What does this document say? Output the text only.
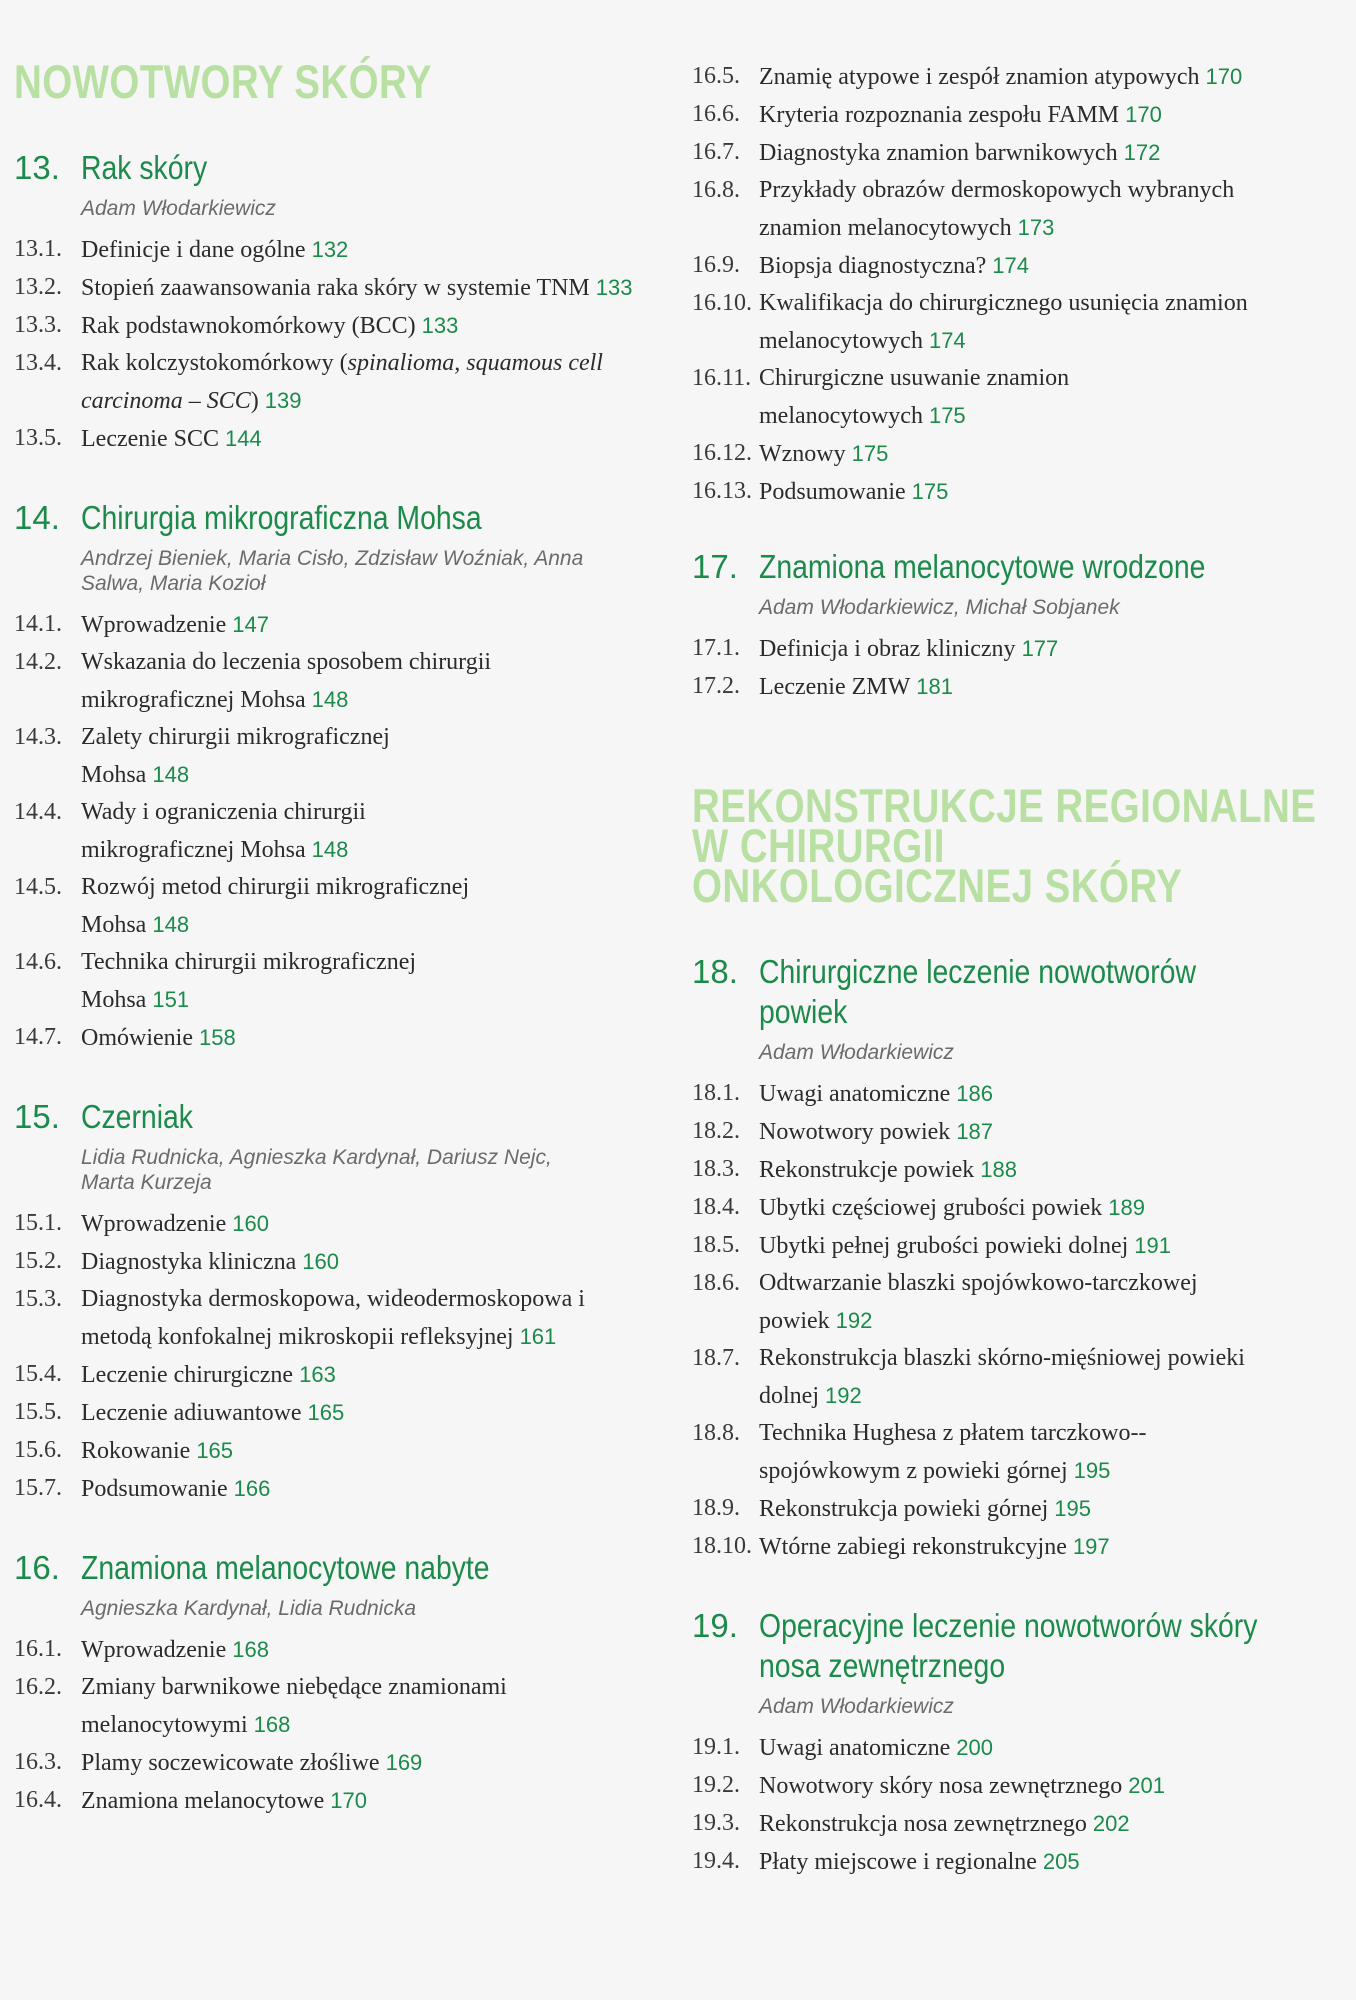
NOWOTWORY SKÓRY
13. Rak skóry
Adam Włodarkiewicz
13.1. Definicje i dane ogólne 132
13.2. Stopień zaawansowania raka skóry w systemie TNM 133
13.3. Rak podstawnokomórkowy (BCC) 133
13.4. Rak kolczystokomórkowy (spinalioma, squamous cell carcinoma – SCC) 139
13.5. Leczenie SCC 144
14. Chirurgia mikrograficzna Mohsa
Andrzej Bieniek, Maria Cisło, Zdzisław Woźniak, Anna Salwa, Maria Kozioł
14.1. Wprowadzenie 147
14.2. Wskazania do leczenia sposobem chirurgii mikrograficznej Mohsa 148
14.3. Zalety chirurgii mikrograficznej Mohsa 148
14.4. Wady i ograniczenia chirurgii mikrograficznej Mohsa 148
14.5. Rozwój metod chirurgii mikrograficznej Mohsa 148
14.6. Technika chirurgii mikrograficznej Mohsa 151
14.7. Omówienie 158
15. Czerniak
Lidia Rudnicka, Agnieszka Kardynał, Dariusz Nejc, Marta Kurzeja
15.1. Wprowadzenie 160
15.2. Diagnostyka kliniczna 160
15.3. Diagnostyka dermoskopowa, wideodermoskopowa i metodą konfokalnej mikroskopii refleksyjnej 161
15.4. Leczenie chirurgiczne 163
15.5. Leczenie adiuwantowe 165
15.6. Rokowanie 165
15.7. Podsumowanie 166
16. Znamiona melanocytowe nabyte
Agnieszka Kardynał, Lidia Rudnicka
16.1. Wprowadzenie 168
16.2. Zmiany barwnikowe niebędące znamionami melanocytowymi 168
16.3. Plamy soczewicowate złośliwe 169
16.4. Znamiona melanocytowe 170
16.5. Znamię atypowe i zespół znamion atypowych 170
16.6. Kryteria rozpoznania zespołu FAMM 170
16.7. Diagnostyka znamion barwnikowych 172
16.8. Przykłady obrazów dermoskopowych wybranych znamion melanocytowych 173
16.9. Biopsja diagnostyczna? 174
16.10. Kwalifikacja do chirurgicznego usunięcia znamion melanocytowych 174
16.11. Chirurgiczne usuwanie znamion melanocytowych 175
16.12. Wznowy 175
16.13. Podsumowanie 175
17. Znamiona melanocytowe wrodzone
Adam Włodarkiewicz, Michał Sobjanek
17.1. Definicja i obraz kliniczny 177
17.2. Leczenie ZMW 181
REKONSTRUKCJE REGIONALNE
W CHIRURGII
ONKOLOGICZNEJ SKÓRY
18. Chirurgiczne leczenie nowotworów
powiek
Adam Włodarkiewicz
18.1. Uwagi anatomiczne 186
18.2. Nowotwory powiek 187
18.3. Rekonstrukcje powiek 188
18.4. Ubytki częściowej grubości powiek 189
18.5. Ubytki pełnej grubości powieki dolnej 191
18.6. Odtwarzanie blaszki spojówkowo-tarczkowej powiek 192
18.7. Rekonstrukcja blaszki skórno-mięśniowej powieki dolnej 192
18.8. Technika Hughesa z płatem tarczkowo--spojówkowym z powieki górnej 195
18.9. Rekonstrukcja powieki górnej 195
18.10. Wtórne zabiegi rekonstrukcyjne 197
19. Operacyjne leczenie nowotworów skóry
nosa zewnętrznego
Adam Włodarkiewicz
19.1. Uwagi anatomiczne 200
19.2. Nowotwory skóry nosa zewnętrznego 201
19.3. Rekonstrukcja nosa zewnętrznego 202
19.4. Płaty miejscowe i regionalne 205
